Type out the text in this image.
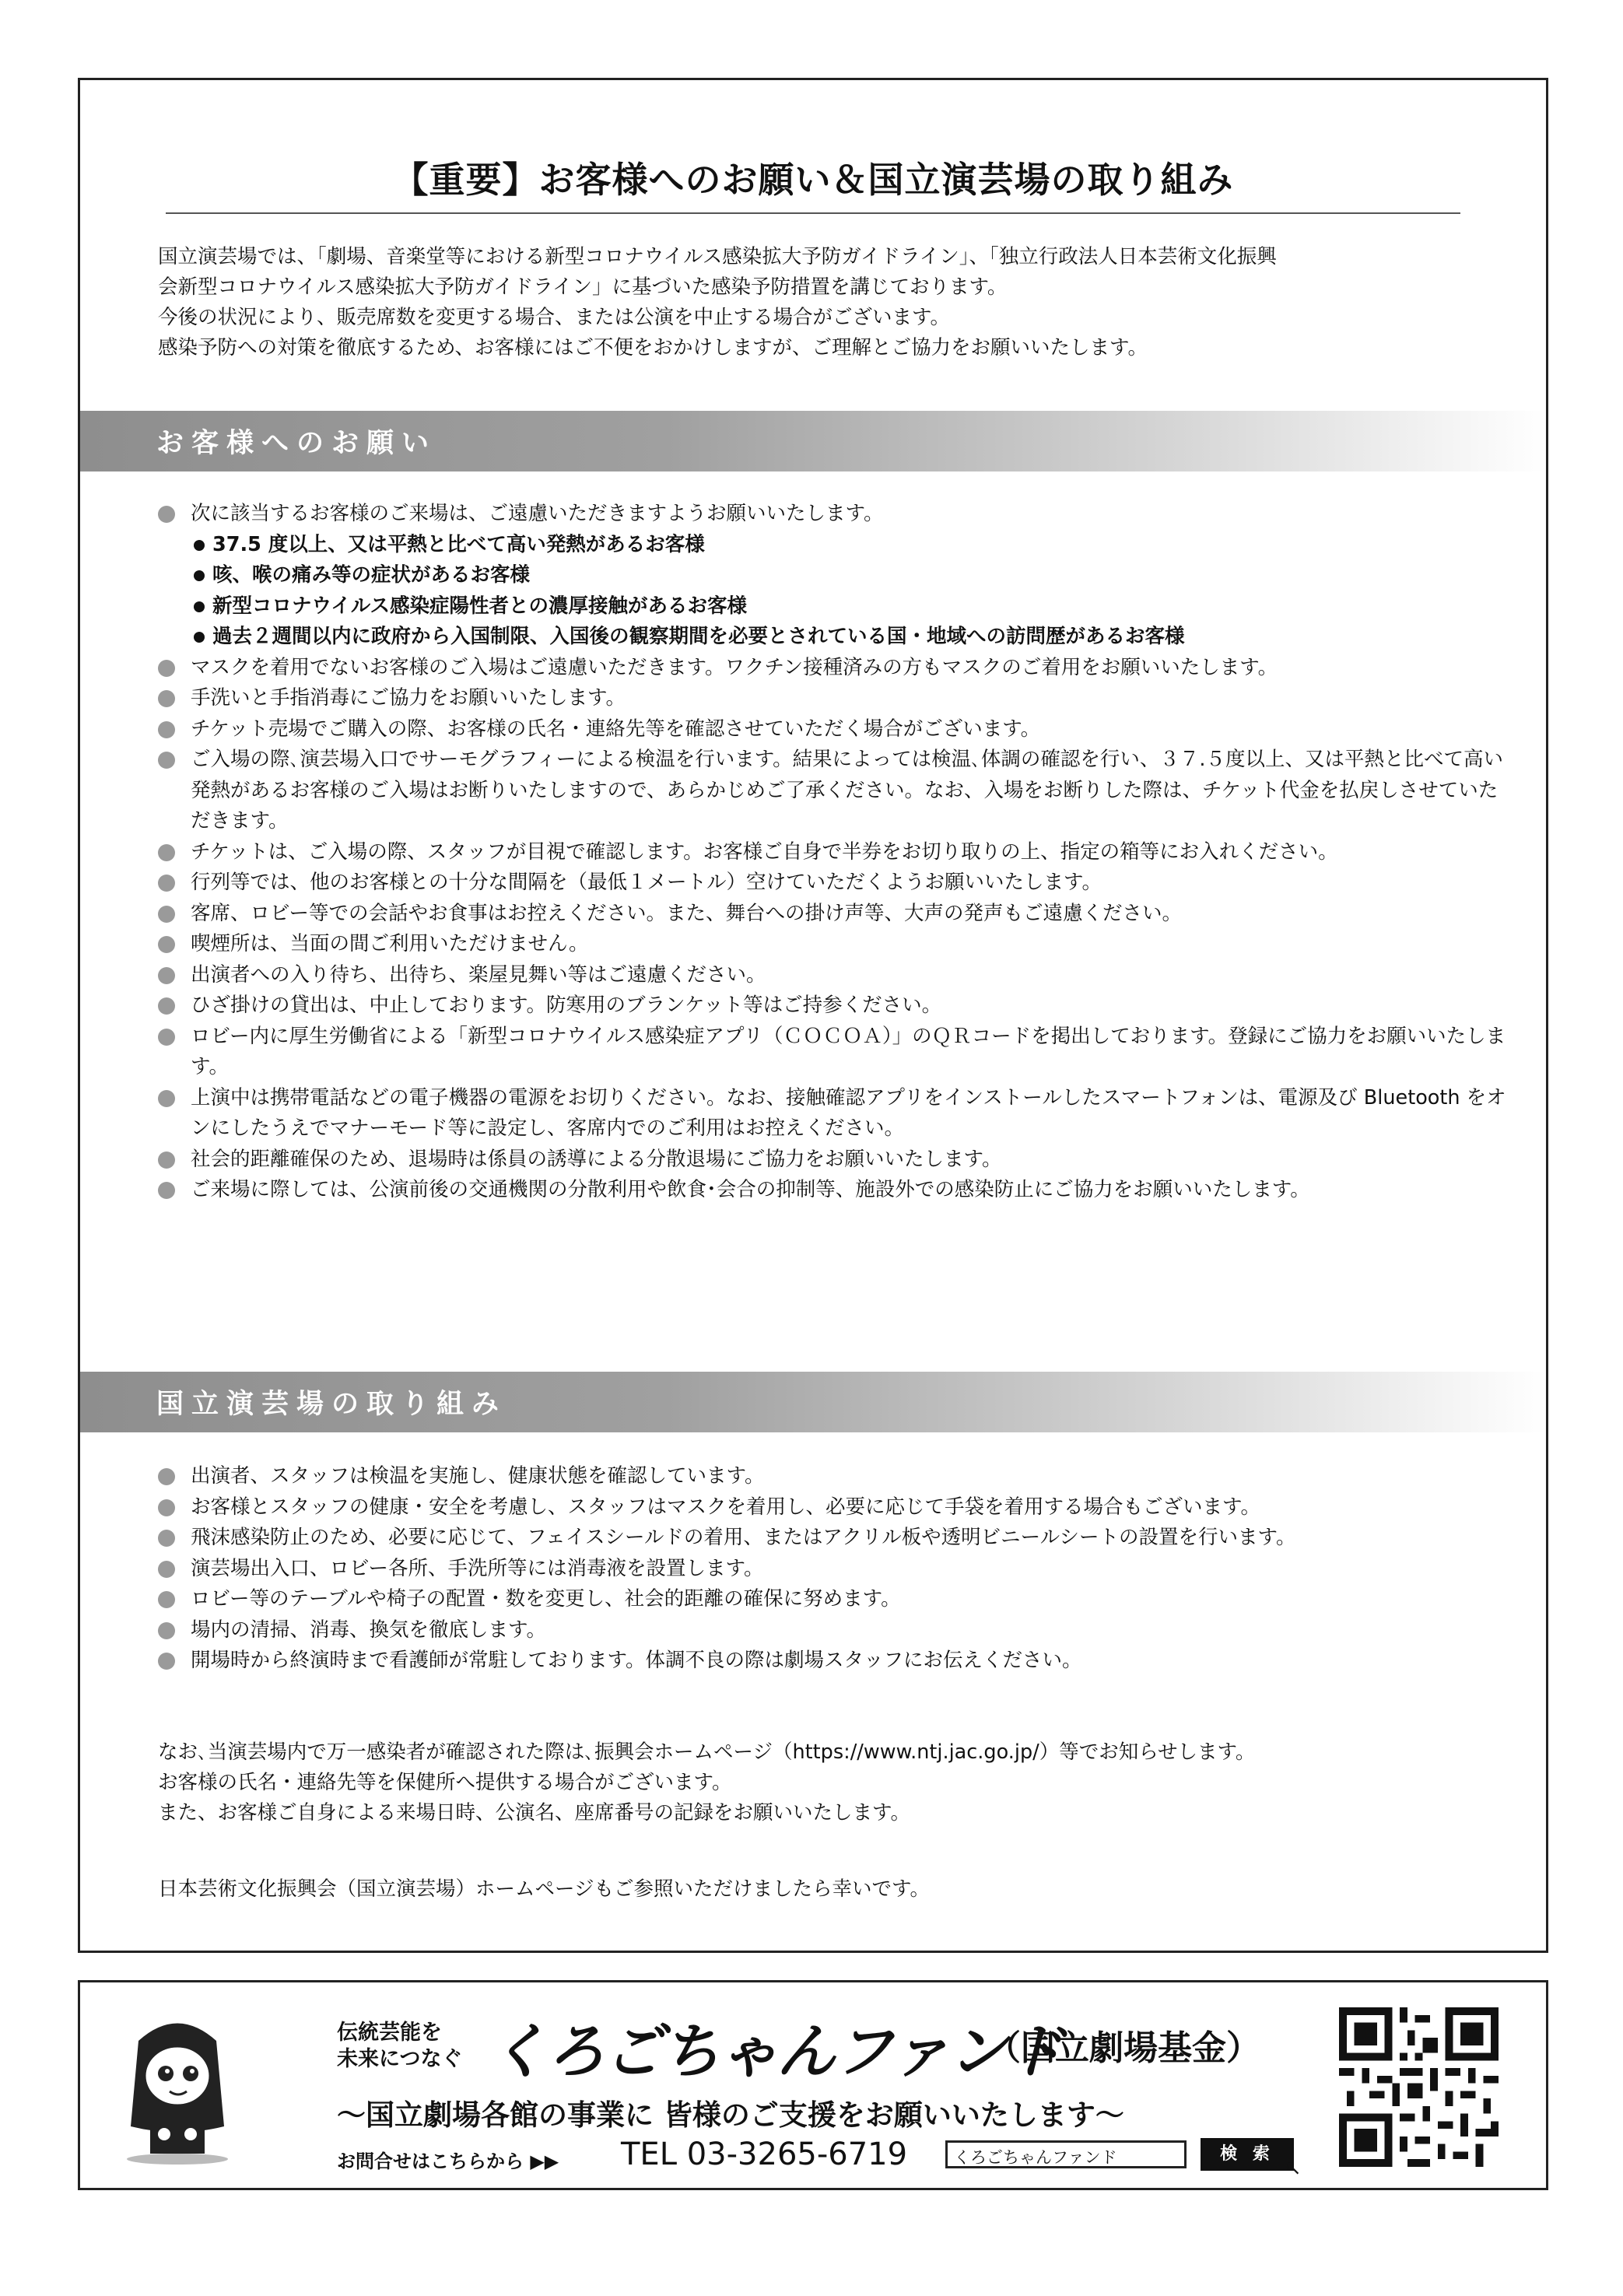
【重要】お客様へのお願い＆国立演芸場の取り組み

国立演芸場では、「劇場、音楽堂等における新型コロナウイルス感染拡大予防ガイドライン」、「独立行政法人日本芸術文化振興

会新型コロナウイルス感染拡大予防ガイドライン」に基づいた感染予防措置を講じております。

今後の状況により、販売席数を変更する場合、または公演を中止する場合がございます。

感染予防への対策を徹底するため、お客様にはご不便をおかけしますが、ご理解とご協力をお願いいたします。

お客様へのお願い
次に該当するお客様のご来場は、ご遠慮いただきますようお願いいたします。
37.5 度以上、又は平熱と比べて高い発熱があるお客様
咳、喉の痛み等の症状があるお客様
新型コロナウイルス感染症陽性者との濃厚接触があるお客様
過去２週間以内に政府から入国制限、入国後の観察期間を必要とされている国・地域への訪問歴があるお客様
マスクを着用でないお客様のご入場はご遠慮いただきます。ワクチン接種済みの方もマスクのご着用をお願いいたします。
手洗いと手指消毒にご協力をお願いいたします。
チケット売場でご購入の際、お客様の氏名・連絡先等を確認させていただく場合がございます。
ご入場の際､演芸場入口でサーモグラフィーによる検温を行います。結果によっては検温､体調の確認を行い、３７.５度以上、又は平熱と比べて高い発熱があるお客様のご入場はお断りいたしますので、あらかじめご了承ください。なお、入場をお断りした際は、チケット代金を払戻しさせていただきます。
チケットは、ご入場の際、スタッフが目視で確認します。お客様ご自身で半券をお切り取りの上、指定の箱等にお入れください。
行列等では、他のお客様との十分な間隔を（最低１メートル）空けていただくようお願いいたします。
客席、ロビー等での会話やお食事はお控えください。また、舞台への掛け声等、大声の発声もご遠慮ください。
喫煙所は、当面の間ご利用いただけません。
出演者への入り待ち、出待ち、楽屋見舞い等はご遠慮ください。
ひざ掛けの貸出は、中止しております。防寒用のブランケット等はご持参ください。
ロビー内に厚生労働省による「新型コロナウイルス感染症アプリ（ＣＯＣＯＡ）」のＱＲコードを掲出しております。登録にご協力をお願いいたします。
上演中は携帯電話などの電子機器の電源をお切りください。なお、接触確認アプリをインストールしたスマートフォンは、電源及び Bluetooth をオンにしたうえでマナーモード等に設定し、客席内でのご利用はお控えください。
社会的距離確保のため、退場時は係員の誘導による分散退場にご協力をお願いいたします。
ご来場に際しては、公演前後の交通機関の分散利用や飲食･会合の抑制等、施設外での感染防止にご協力をお願いいたします。
国立演芸場の取り組み
出演者、スタッフは検温を実施し、健康状態を確認しています。
お客様とスタッフの健康・安全を考慮し、スタッフはマスクを着用し、必要に応じて手袋を着用する場合もございます。
飛沫感染防止のため、必要に応じて、フェイスシールドの着用、またはアクリル板や透明ビニールシートの設置を行います。
演芸場出入口、ロビー各所、手洗所等には消毒液を設置します。
ロビー等のテーブルや椅子の配置・数を変更し、社会的距離の確保に努めます。
場内の清掃、消毒、換気を徹底します。
開場時から終演時まで看護師が常駐しております。体調不良の際は劇場スタッフにお伝えください。

なお､当演芸場内で万一感染者が確認された際は､振興会ホームページ（https://www.ntj.jac.go.jp/）等でお知らせします。

お客様の氏名・連絡先等を保健所へ提供する場合がございます。

また、お客様ご自身による来場日時、公演名、座席番号の記録をお願いいたします。

日本芸術文化振興会（国立演芸場）ホームページもご参照いただけましたら幸いです。
伝統芸能を
未来につなぐ くろごちゃんファンド
（国立劇場基金）
～国立劇場各館の事業に 皆様のご支援をお願いいたします～
お問合せはこちらから ▶▶ TEL 03-3265-6719	くろごちゃんファンド	検 索
↖
